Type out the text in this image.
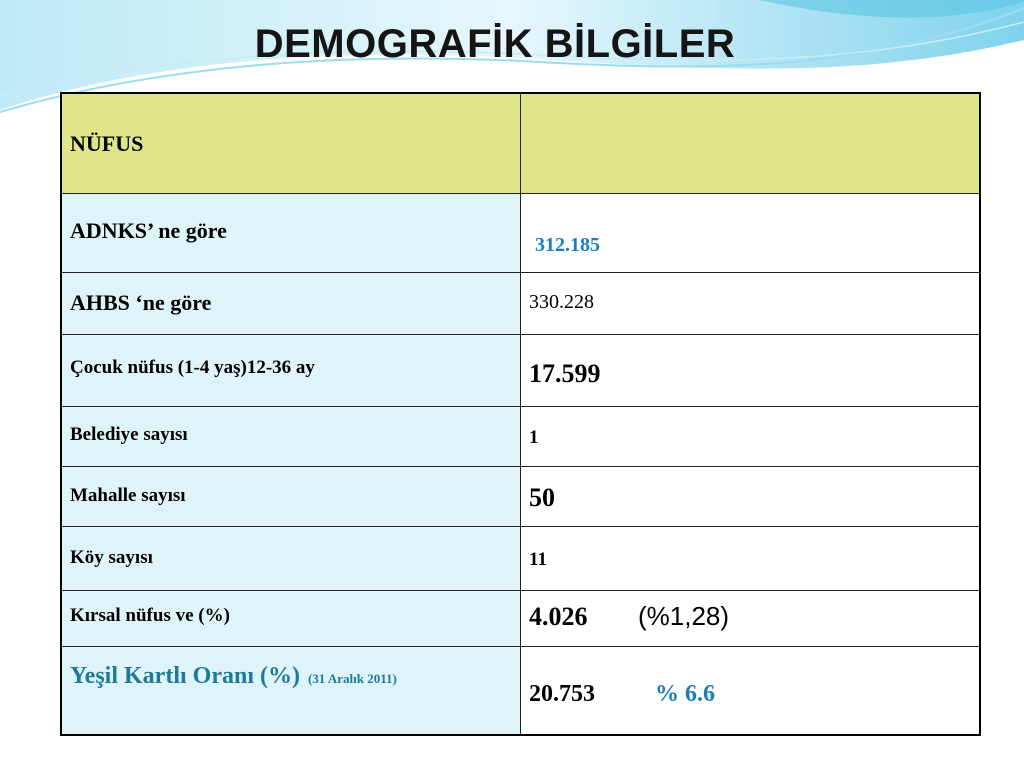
DEMOGRAFİK BİLGİLER
NÜFUS	
ADNKS’ ne göre	312.185
AHBS ‘ne göre	330.228
Çocuk nüfus (1-4 yaş)12-36 ay	17.599
Belediye sayısı	1
Mahalle sayısı	50
Köy sayısı	11
Kırsal nüfus ve (%)	4.026 (%1,28)
Yeşil Kartlı Oranı (%) (31 Aralık 2011)	20.753 % 6.6
